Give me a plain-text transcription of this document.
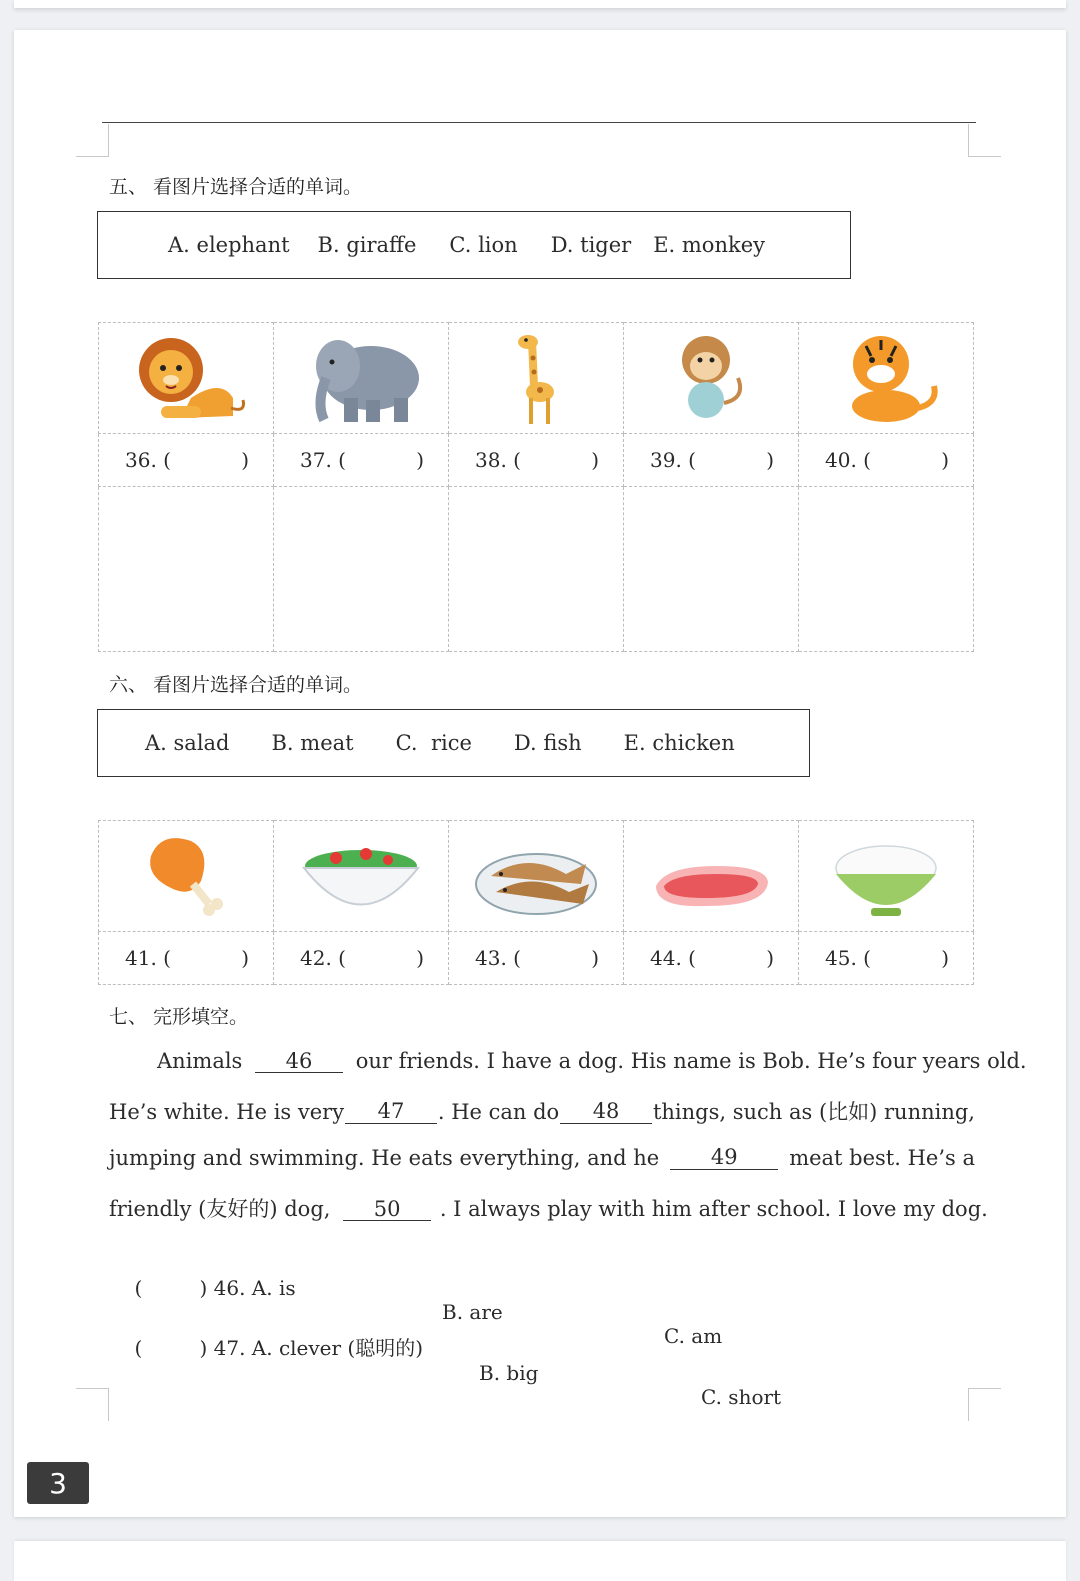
五、 看图片选择合适的单词。
A. elephant B. giraffe C. lion D. tiger E. monkey

36. ( )	37. ( )	38. ( )	39. ( )	40. ( )

六、 看图片选择合适的单词。
A. salad B. meat C.  rice D. fish E. chicken

41. ( )	42. ( )	43. ( )	44. ( )	45. ( )
七、 完形填空。
Animals 46 our friends. I have a dog. His name is Bob. He’s four years old.
He’s white. He is very	47	. He can do	48	things, such as (比如) running,
jumping and swimming. He eats everything, and he	49	meat best. He’s a
friendly (友好的) dog, 50 . I always play with him after school. I love my dog.

(         ) 46. A. is

B. are

C. am

(         ) 47. A. clever (聪明的)

B. big

C. short

3
